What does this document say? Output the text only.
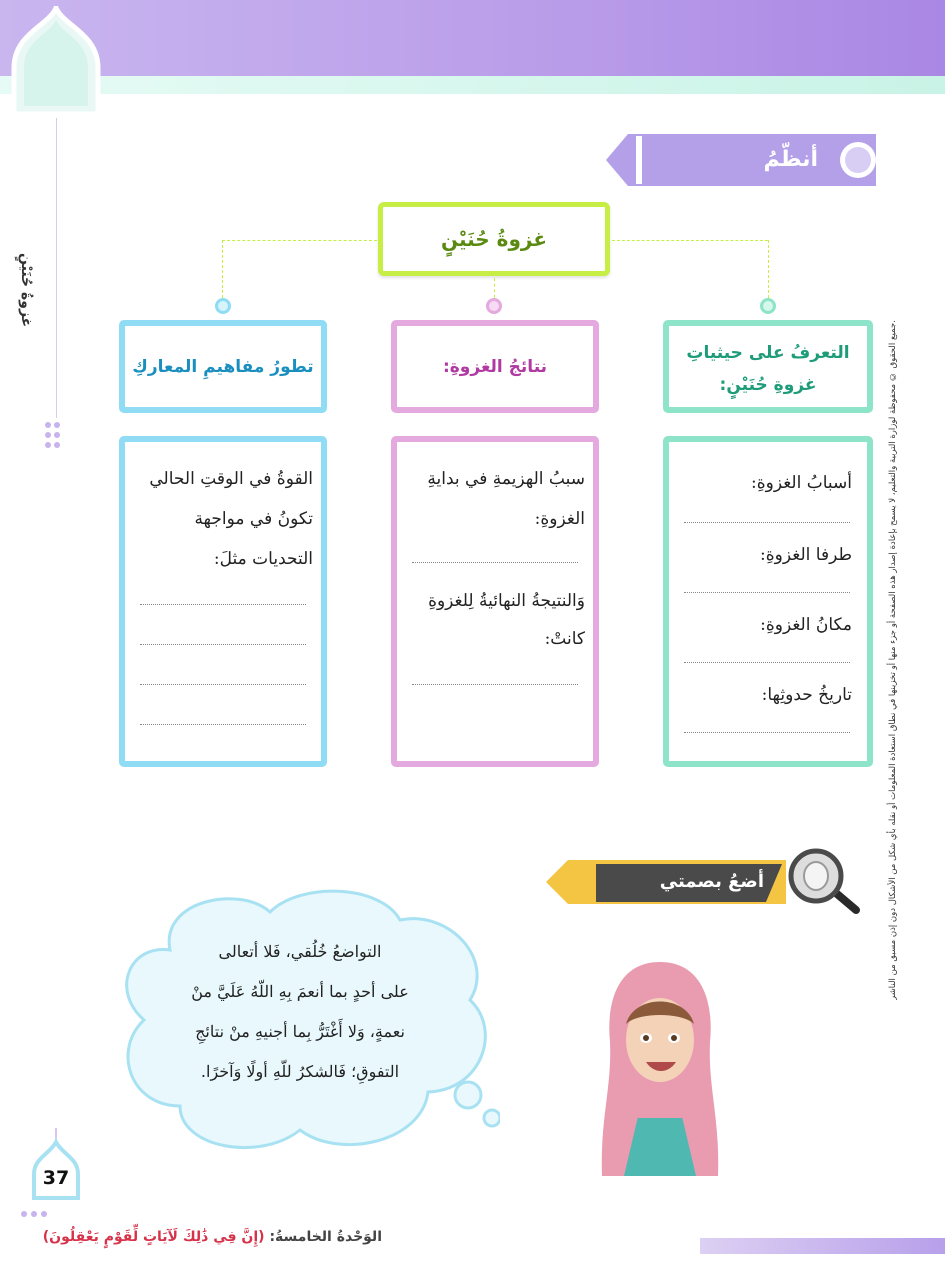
غزوةُ حُنَيْنٍ
جميع الحقوق © محفوظة لوزارة التربية والتعليم، لا يسمح بإعادة إصدار هذه الصفحة أو جزء منها أو تخزينها في نطاق استعادة المعلومات أو نقله بأي شكل من الأشكال دون إذن مسبق من الناشر.
أنظّمُ مفاهيمي:
غزوةُ حُنَيْنٍ
التعرفُ على حيثياتِ
غزوةِ حُنَيْنٍ:
نتائجُ الغزوةِ:
تطورُ مفاهيمِ المعاركِ
أسبابُ الغزوةِ:
طرفا الغزوةِ:
مكانُ الغزوةِ:
تاريخُ حدوثِها:
سببُ الهزيمةِ في بدايةِ
الغزوةِ:
وَالنتيجةُ النهائيةُ لِلغزوةِ
كانتْ:
القوةُ في الوقتِ الحالي
تكونُ في مواجهة
التحديات مثلَ:
أضعُ بصمتي
التواضعُ خُلُقي، فَلا أتعالى
على أحدٍ بما أنعمَ بِهِ اللّهُ عَلَيَّ منْ
نعمةٍ، وَلا أَغْتَرُّ بِما أجنيهِ منْ نتائجِ
التفوقِ؛ فَالشكرُ للّهِ أولًا وَآخرًا.
37
الوَحْدةُ الخامسةُ: (إِنَّ فِي ذَٰلِكَ لَآيَاتٍ لِّقَوْمٍ يَعْقِلُونَ)
